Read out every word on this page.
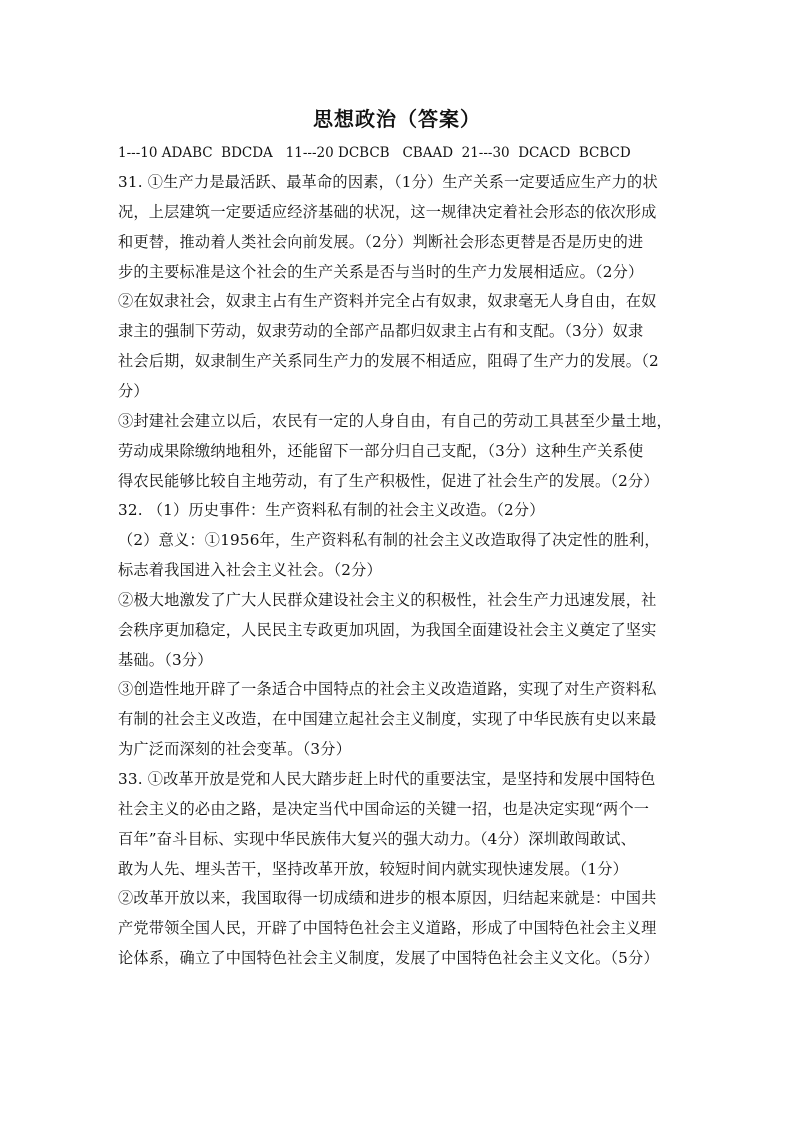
思想政治（答案）
1---10 ADABC  BDCDA   11---20 DCBCB   CBAAD  21---30  DCACD  BCBCD
31. ①生产力是最活跃、最革命的因素，（1分）生产关系一定要适应生产力的状
况，上层建筑一定要适应经济基础的状况，这一规律决定着社会形态的依次形成
和更替，推动着人类社会向前发展。（2分）判断社会形态更替是否是历史的进
步的主要标准是这个社会的生产关系是否与当时的生产力发展相适应。（2分）
②在奴隶社会，奴隶主占有生产资料并完全占有奴隶，奴隶毫无人身自由，在奴
隶主的强制下劳动，奴隶劳动的全部产品都归奴隶主占有和支配。（3分）奴隶
社会后期，奴隶制生产关系同生产力的发展不相适应，阻碍了生产力的发展。（2
分）
③封建社会建立以后，农民有一定的人身自由，有自己的劳动工具甚至少量土地，
劳动成果除缴纳地租外，还能留下一部分归自己支配，（3分）这种生产关系使
得农民能够比较自主地劳动，有了生产积极性，促进了社会生产的发展。（2分）
32. （1）历史事件：生产资料私有制的社会主义改造。（2分）
（2）意义：①1956年，生产资料私有制的社会主义改造取得了决定性的胜利，
标志着我国进入社会主义社会。（2分）
②极大地激发了广大人民群众建设社会主义的积极性，社会生产力迅速发展，社
会秩序更加稳定，人民民主专政更加巩固，为我国全面建设社会主义奠定了坚实
基础。（3分）
③创造性地开辟了一条适合中国特点的社会主义改造道路，实现了对生产资料私
有制的社会主义改造，在中国建立起社会主义制度，实现了中华民族有史以来最
为广泛而深刻的社会变革。（3分）
33. ①改革开放是党和人民大踏步赶上时代的重要法宝，是坚持和发展中国特色
社会主义的必由之路，是决定当代中国命运的关键一招，也是决定实现“两个一
百年”奋斗目标、实现中华民族伟大复兴的强大动力。（4分）深圳敢闯敢试、
敢为人先、埋头苦干，坚持改革开放，较短时间内就实现快速发展。（1分）
②改革开放以来，我国取得一切成绩和进步的根本原因，归结起来就是：中国共
产党带领全国人民，开辟了中国特色社会主义道路，形成了中国特色社会主义理
论体系，确立了中国特色社会主义制度，发展了中国特色社会主义文化。（5分）
